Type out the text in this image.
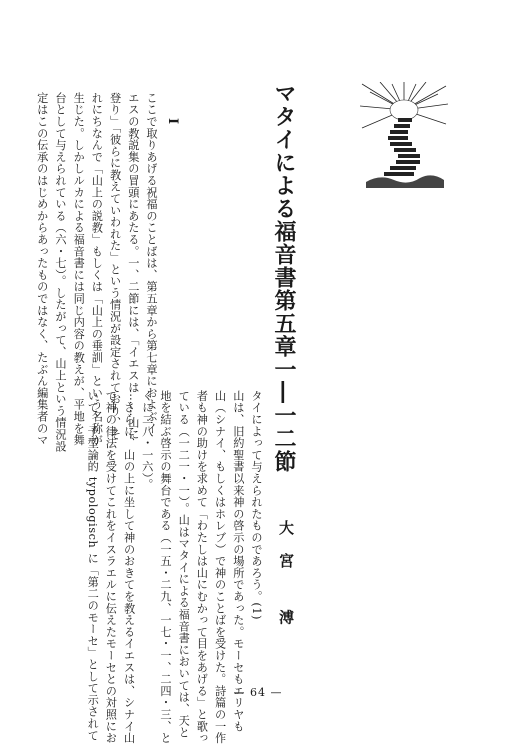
マタイによる福音書第五章一―一二節
I
大宮 溥
ここで取りあげる祝福のことばは、第五章から第七章におよぶイ
エスの教説集の冒頭にあたる。一、二節には、「イエスは……山に
登り」「彼らに教えていわれた」という情況が設定されており、そ
れにちなんで「山上の説教」もしくは「山上の垂訓」という名称が
生じた。しかしルカによる福音書には同じ内容の教えが、平地を舞
台として与えられている（六・七）。したがって、山上という情況設
定はこの伝承のはじめからあったものではなく、たぶん編集者のマ
タイによって与えられたものであろう。(1)
山は、旧約聖書以来神の啓示の場所であった。モーセもエリヤも
山（シナイ、もしくはホレブ）で神のことばを受けた。詩篇の一作
者も神の助けを求めて「わたしは山にむかって目をあげる」と歌っ
ている（一二一・一）。山はマタイによる福音書においては、天と
地を結ぶ啓示の舞台である（一五・二九、一七・一、二四・三、と
くに二八・一六）。
　さらに、山の上に坐して神のおきてを教えるイエスは、シナイ山
で神の律法を受けてこれをイスラエルに伝えたモーセとの対照にお
いて、予型論的 typologisch に「第二のモーセ」として示されて	— 64 —
